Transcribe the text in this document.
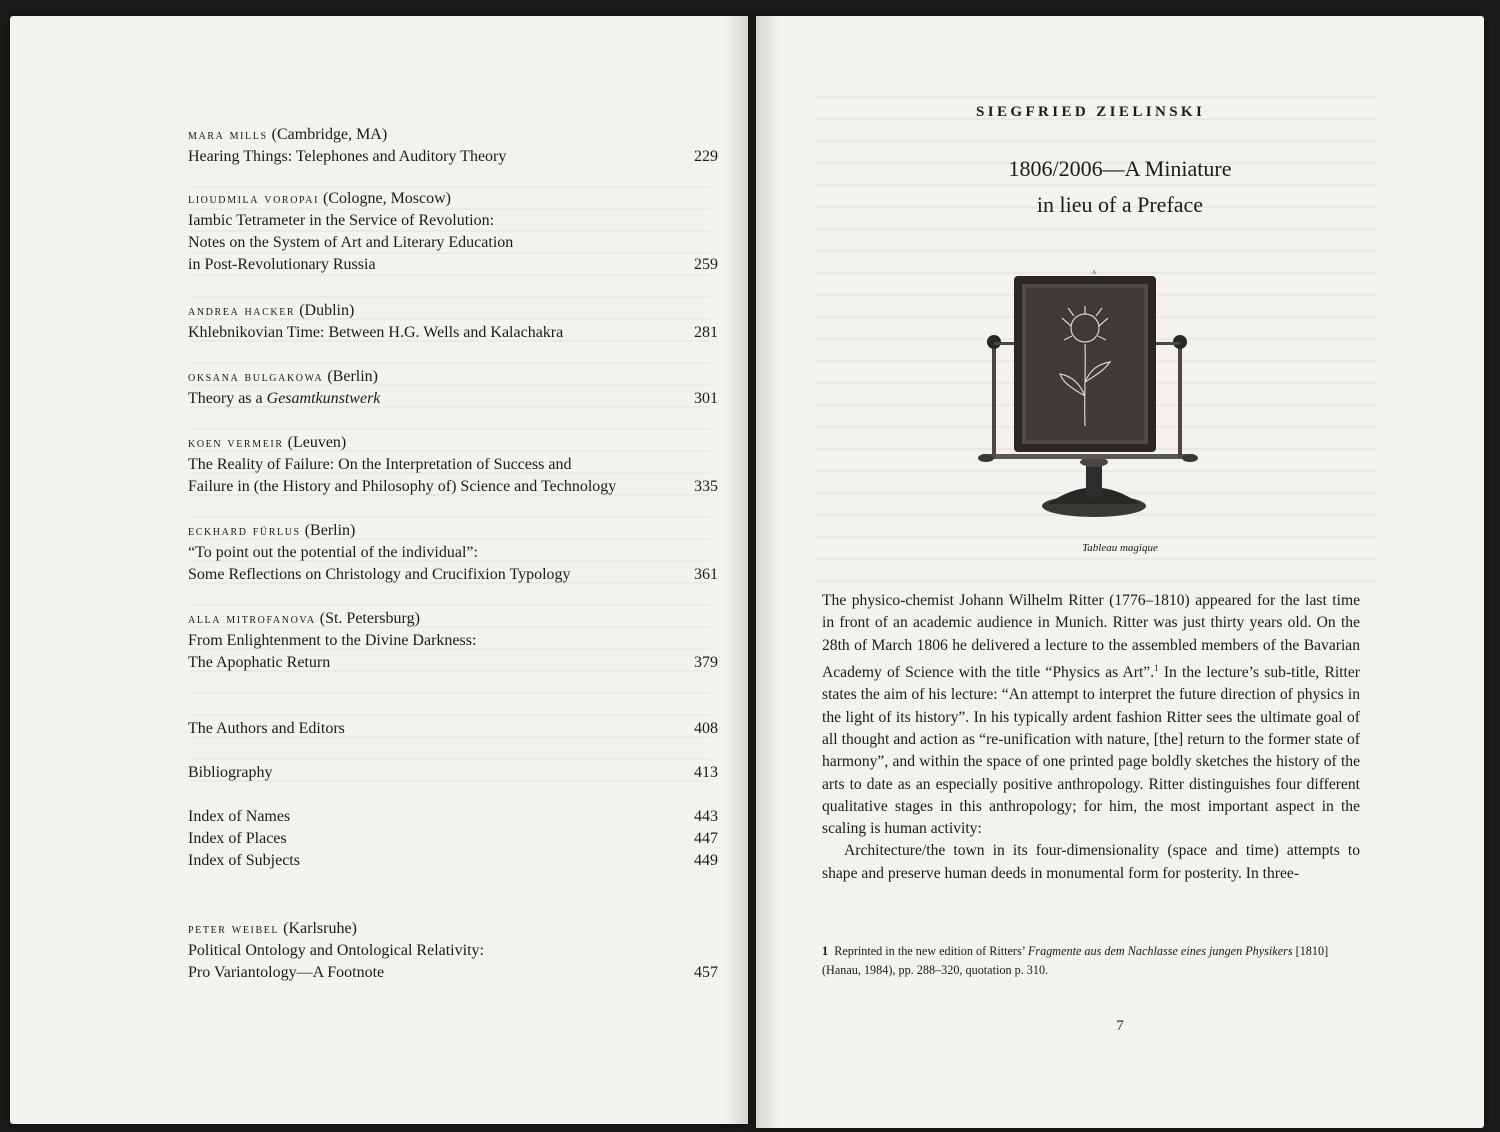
mara mills (Cambridge, MA)
Hearing Things: Telephones and Auditory Theory	229
lioudmila voropai (Cologne, Moscow)
Iambic Tetrameter in the Service of Revolution:
Notes on the System of Art and Literary Education
in Post-Revolutionary Russia	259
andrea hacker (Dublin)
Khlebnikovian Time: Between H.G. Wells and Kalachakra	281
oksana bulgakowa (Berlin)
Theory as a Gesamtkunstwerk	301
koen vermeir (Leuven)
The Reality of Failure: On the Interpretation of Success and
Failure in (the History and Philosophy of) Science and Technology	335
eckhard fürlus (Berlin)
“To point out the potential of the individual”:
Some Reflections on Christology and Crucifixion Typology	361
alla mitrofanova (St. Petersburg)
From Enlightenment to the Divine Darkness:
The Apophatic Return	379
The Authors and Editors	408
Bibliography	413
Index of Names	443
Index of Places	447
Index of Subjects	449
peter weibel (Karlsruhe)
Political Ontology and Ontological Relativity:
Pro Variantology—A Footnote	457
SIEGFRIED ZIELINSKI
1806/2006—A Miniature
in lieu of a Preface
A
Tableau magique

The physico-chemist Johann Wilhelm Ritter (1776–1810) appeared for the last time in front of an academic audience in Munich. Ritter was just thirty years old. On the 28th of March 1806 he delivered a lecture to the assembled members of the Bavarian Academy of Science with the title “Physics as Art”.$^1$ In the lecture’s sub-title, Ritter states the aim of his lecture: “An attempt to interpret the future direction of physics in the light of its history”. In his typically ardent fashion Ritter sees the ultimate goal of all thought and action as “re-unification with nature, [the] return to the former state of harmony”, and within the space of one printed page boldly sketches the history of the arts to date as an especially positive anthropology. Ritter distinguishes four different qualitative stages in this anthropology; for him, the most important aspect in the scaling is human activity:

Architecture/the town in its four-dimensionality (space and time) attempts to shape and preserve human deeds in monumental form for posterity. In three-

1 Reprinted in the new edition of Ritters’ Fragmente aus dem Nachlasse eines jungen Physikers [1810] (Hanau, 1984), pp. 288–320, quotation p. 310.
7
